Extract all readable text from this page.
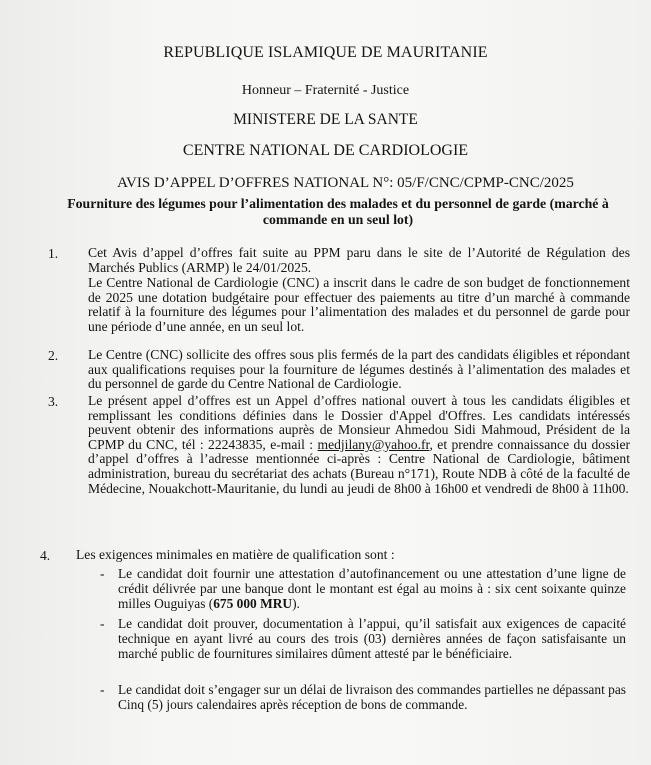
REPUBLIQUE ISLAMIQUE DE MAURITANIE
Honneur – Fraternité - Justice
MINISTERE DE LA SANTE
CENTRE NATIONAL DE CARDIOLOGIE
AVIS D’APPEL D’OFFRES NATIONAL N°: 05/F/CNC/CPMP-CNC/2025
Fourniture des légumes pour l’alimentation des malades et du personnel de garde (marché à commande en un seul lot)
1. Cet Avis d’appel d’offres fait suite au PPM paru dans le site de l’Autorité de Régulation des Marchés Publics (ARMP) le 24/01/2025.
Le Centre National de Cardiologie (CNC) a inscrit dans le cadre de son budget de fonctionnement de 2025 une dotation budgétaire pour effectuer des paiements au titre d’un marché à commande relatif à la fourniture des légumes pour l’alimentation des malades et du personnel de garde pour une période d’une année, en un seul lot.
2. Le Centre (CNC) sollicite des offres sous plis fermés de la part des candidats éligibles et répondant aux qualifications requises pour la fourniture de légumes destinés à l’alimentation des malades et du personnel de garde du Centre National de Cardiologie.
3. Le présent appel d’offres est un Appel d’offres national ouvert à tous les candidats éligibles et remplissant les conditions définies dans le Dossier d'Appel d'Offres. Les candidats intéressés peuvent obtenir des informations auprès de Monsieur Ahmedou Sidi Mahmoud, Président de la CPMP du CNC, tél : 22243835, e-mail : medjilany@yahoo.fr, et prendre connaissance du dossier d’appel d’offres à l’adresse mentionnée ci-après : Centre National de Cardiologie, bâtiment administration, bureau du secrétariat des achats (Bureau n°171), Route NDB à côté de la faculté de Médecine, Nouakchott-Mauritanie, du lundi au jeudi de 8h00 à 16h00 et vendredi de 8h00 à 11h00.
4. Les exigences minimales en matière de qualification sont :
- Le candidat doit fournir une attestation d’autofinancement ou une attestation d’une ligne de crédit délivrée par une banque dont le montant est égal au moins à : six cent soixante quinze milles Ouguiyas (675 000 MRU).
- Le candidat doit prouver, documentation à l’appui, qu’il satisfait aux exigences de capacité technique en ayant livré au cours des trois (03) dernières années de façon satisfaisante un marché public de fournitures similaires dûment attesté par le bénéficiaire.
- Le candidat doit s’engager sur un délai de livraison des commandes partielles ne dépassant pas Cinq (5) jours calendaires après réception de bons de commande.
